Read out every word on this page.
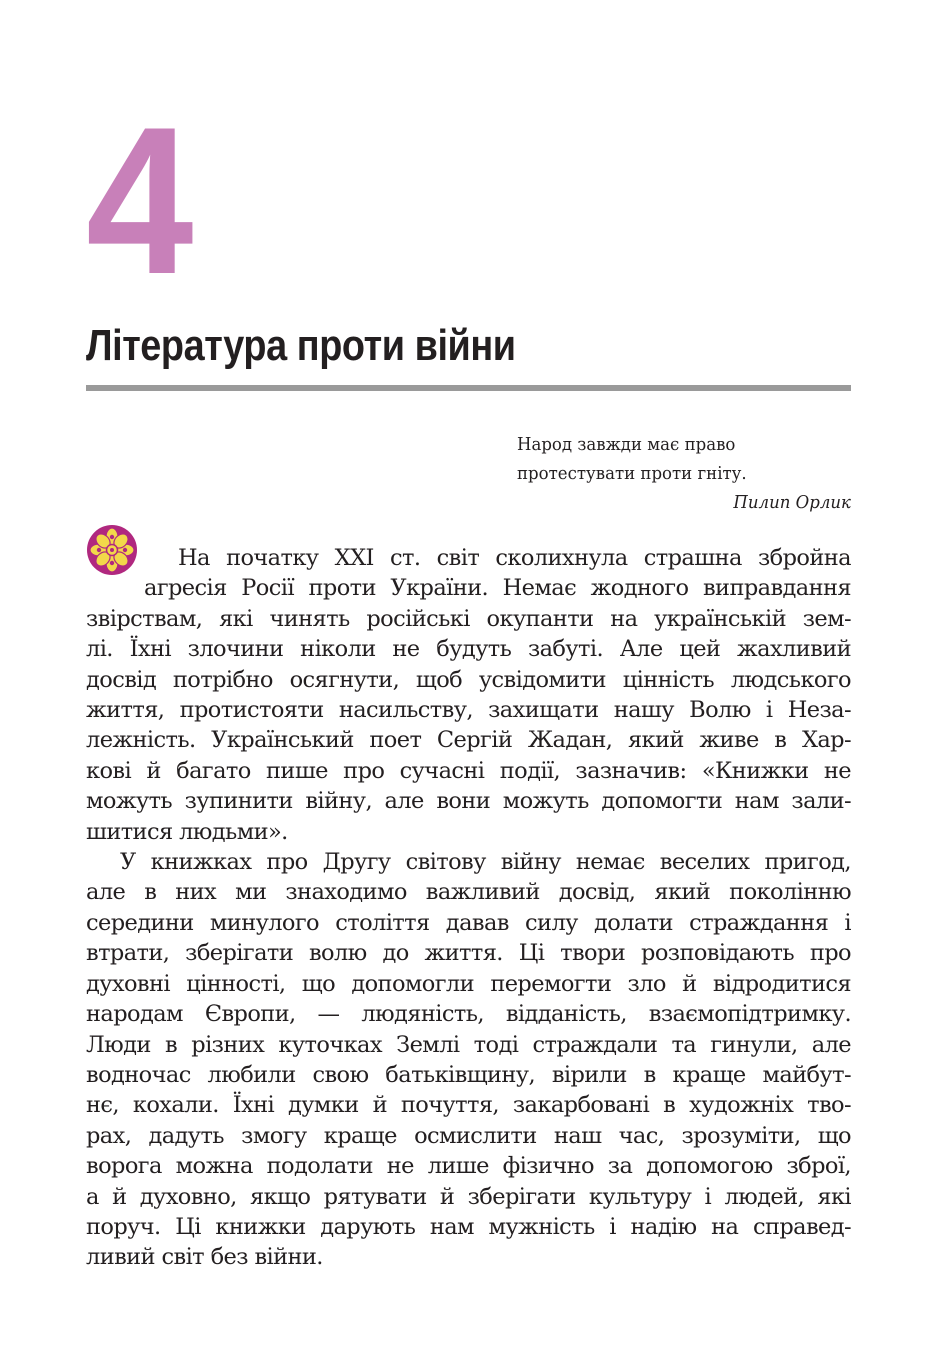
4
Література проти війни
Народ завжди має право
протестувати проти гніту.
Пилип Орлик
На початку XXI ст. світ сколихнула страшна збройна
агресія Росії проти України. Немає жодного виправдання
звірствам, які чинять російські окупанти на українській зем-
лі. Їхні злочини ніколи не будуть забуті. Але цей жахливий
досвід потрібно осягнути, щоб усвідомити цінність людського
життя, протистояти насильству, захищати нашу Волю і Неза-
лежність. Український поет Сергій Жадан, який живе в Хар-
кові й багато пише про сучасні події, зазначив: «Книжки не
можуть зупинити війну, але вони можуть допомогти нам зали-
шитися людьми».
У книжках про Другу світову війну немає веселих пригод,
але в них ми знаходимо важливий досвід, який поколінню
середини минулого століття давав силу долати страждання і
втрати, зберігати волю до життя. Ці твори розповідають про
духовні цінності, що допомогли перемогти зло й відродитися
народам Європи, — людяність, відданість, взаємопідтримку.
Люди в різних куточках Землі тоді страждали та гинули, але
водночас любили свою батьківщину, вірили в краще майбут-
нє, кохали. Їхні думки й почуття, закарбовані в художніх тво-
рах, дадуть змогу краще осмислити наш час, зрозуміти, що
ворога можна подолати не лише фізично за допомогою зброї,
а й духовно, якщо рятувати й зберігати культуру і людей, які
поруч. Ці книжки дарують нам мужність і надію на справед-
ливий світ без війни.
